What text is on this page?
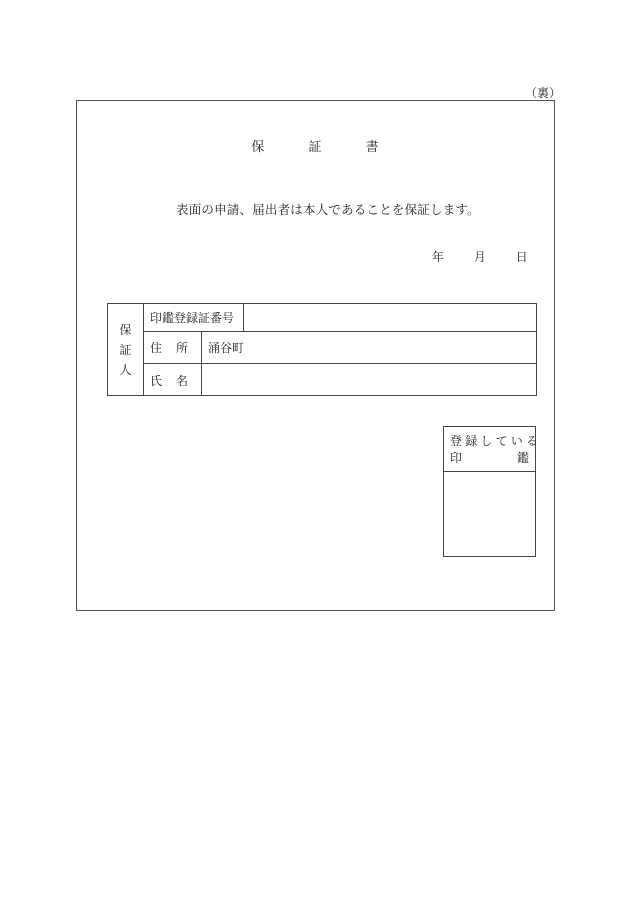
（裏）
保	証	書
表面の申請、届出者は本人であることを保証します。
年 月 日
保
証
人
印鑑登録証番号
住 所 涌谷町
氏 名
登録している
印	鑑
